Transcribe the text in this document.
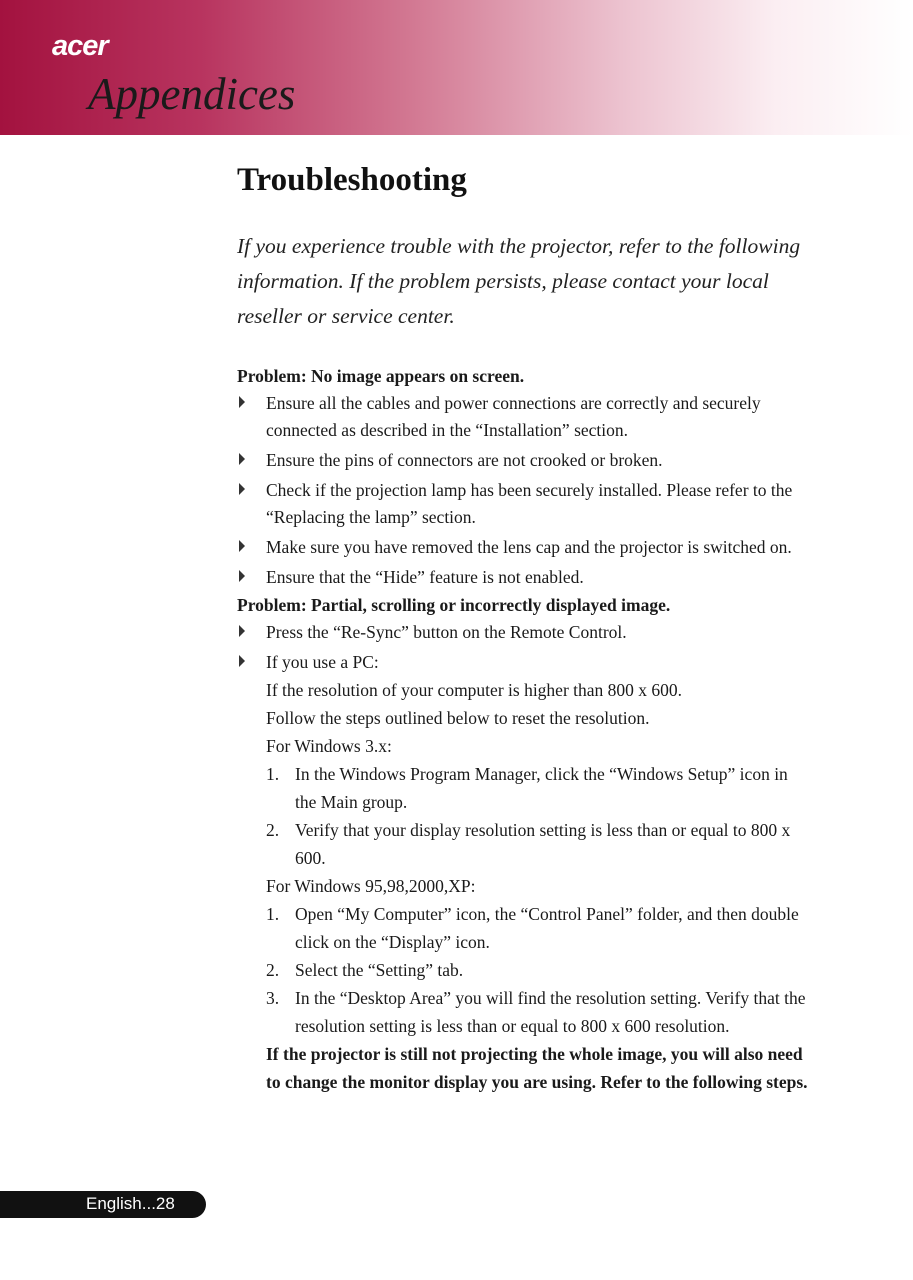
acer
Appendices
Troubleshooting

If you experience trouble with the projector, refer to the following information. If the problem persists, please contact your local reseller or service center.

Problem: No image appears on screen.

Ensure all the cables and power connections are correctly and securely connected as described in the “Installation” section.
Ensure the pins of connectors are not crooked or broken.
Check if the projection lamp has been securely installed. Please refer to the “Replacing the lamp” section.
Make sure you have removed the lens cap and the projector is switched on.
Ensure that the “Hide” feature is not enabled.

Problem: Partial, scrolling or incorrectly displayed image.

Press the “Re-Sync” button on the Remote Control.
If you use a PC:
If the resolution of your computer is higher than 800 x 600.
Follow the steps outlined below to reset the resolution.
For Windows 3.x:
1. In the Windows Program Manager, click the “Windows Setup” icon in the Main group.
2. Verify that your display resolution setting is less than or equal to 800 x 600.
For Windows 95,98,2000,XP:
1. Open “My Computer” icon, the “Control Panel” folder, and then double click on the “Display” icon.
2. Select the “Setting” tab.
3. In the “Desktop Area” you will find the resolution setting. Verify that the resolution setting is less than or equal to 800 x 600 resolution.
If the projector is still not projecting the whole image, you will also need to change the monitor display you are using. Refer to the following steps.
English...28
